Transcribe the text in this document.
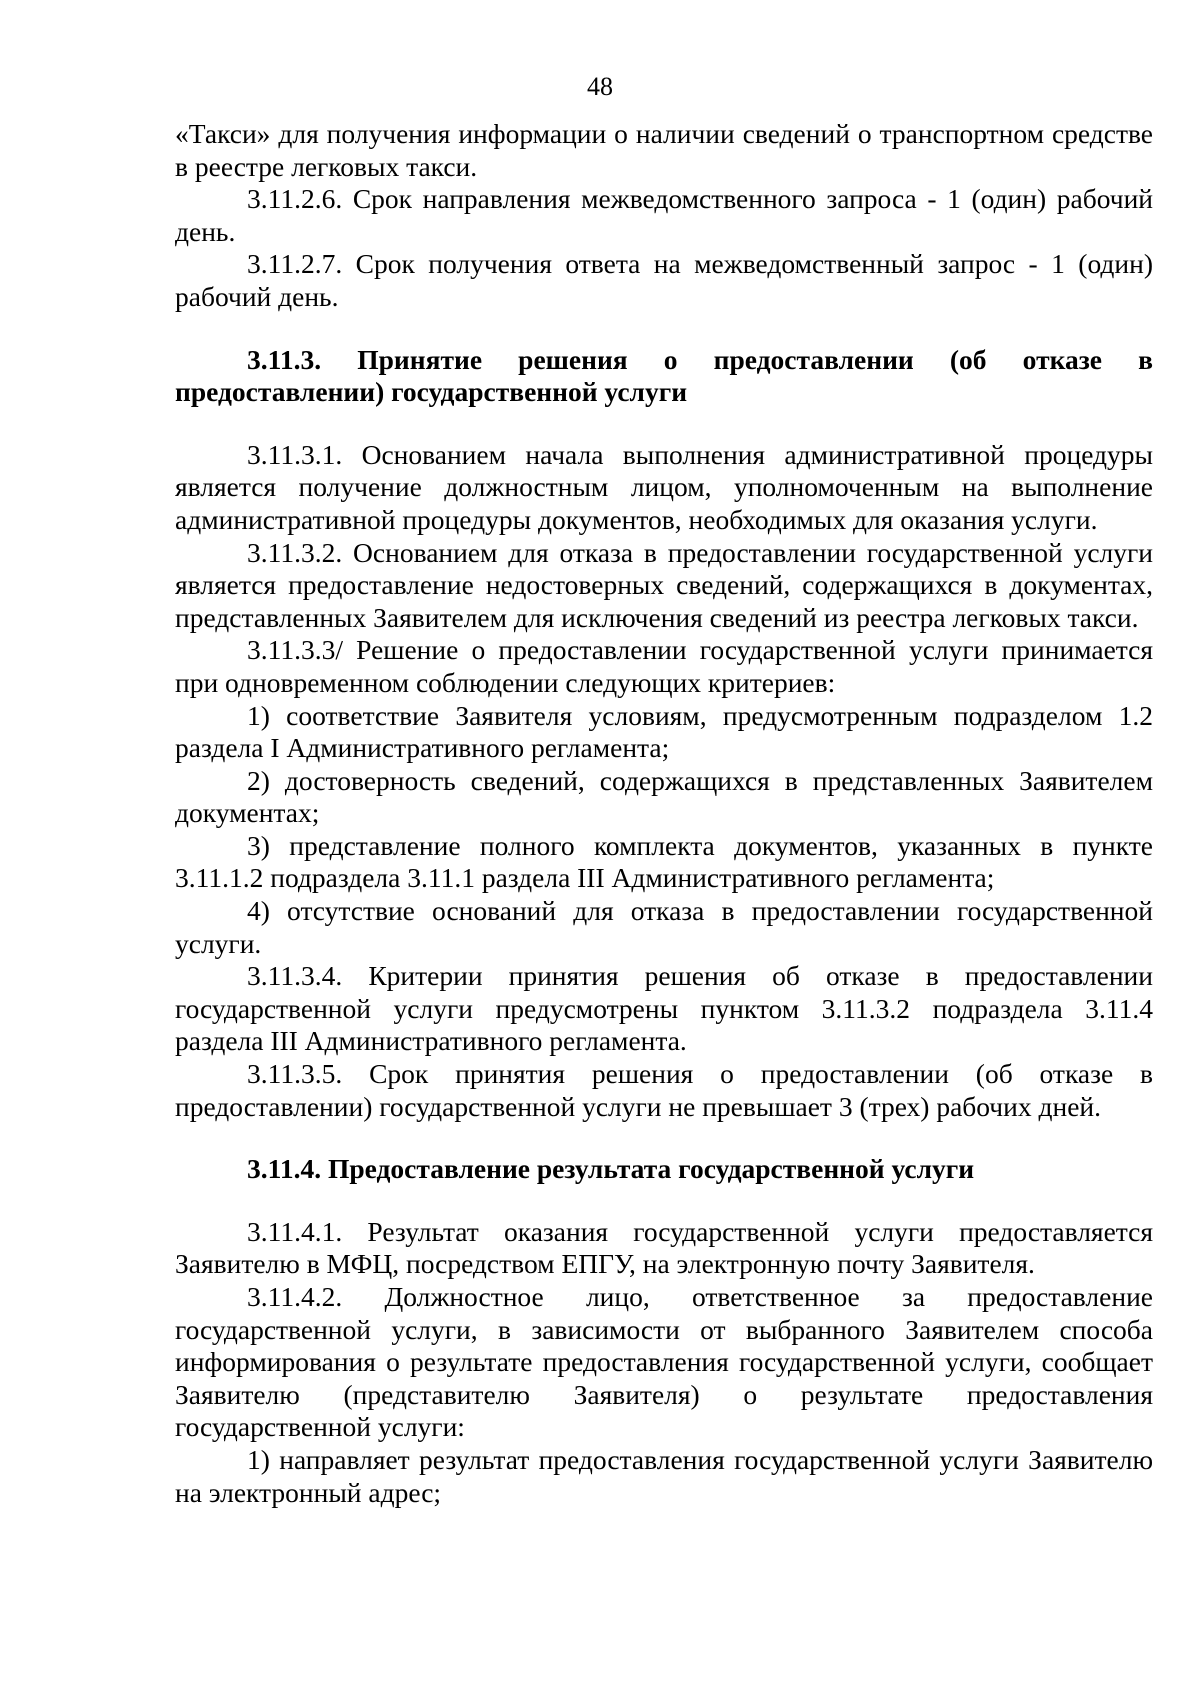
48

«Такси» для получения информации о наличии сведений о транспортном средстве в реестре легковых такси.

3.11.2.6. Срок направления межведомственного запроса - 1 (один) рабочий день.

3.11.2.7. Срок получения ответа на межведомственный запрос - 1 (один) рабочий день.

3.11.3. Принятие решения о предоставлении (об отказе в предоставлении) государственной услуги

3.11.3.1. Основанием начала выполнения административной процедуры является получение должностным лицом, уполномоченным на выполнение административной процедуры документов, необходимых для оказания услуги.

3.11.3.2. Основанием для отказа в предоставлении государственной услуги является предоставление недостоверных сведений, содержащихся в документах, представленных Заявителем для исключения сведений из реестра легковых такси.

3.11.3.3/ Решение о предоставлении государственной услуги принимается при одновременном соблюдении следующих критериев:

1) соответствие Заявителя условиям, предусмотренным подразделом 1.2 раздела I Административного регламента;

2) достоверность сведений, содержащихся в представленных Заявителем документах;

3) представление полного комплекта документов, указанных в пункте 3.11.1.2 подраздела 3.11.1 раздела III Административного регламента;

4) отсутствие оснований для отказа в предоставлении государственной услуги.

3.11.3.4. Критерии принятия решения об отказе в предоставлении государственной услуги предусмотрены пунктом 3.11.3.2 подраздела 3.11.4 раздела III Административного регламента.

3.11.3.5. Срок принятия решения о предоставлении (об отказе в предоставлении) государственной услуги не превышает 3 (трех) рабочих дней.

3.11.4. Предоставление результата государственной услуги

3.11.4.1. Результат оказания государственной услуги предоставляется Заявителю в МФЦ, посредством ЕПГУ, на электронную почту Заявителя.

3.11.4.2. Должностное лицо, ответственное за предоставление государственной услуги, в зависимости от выбранного Заявителем способа информирования о результате предоставления государственной услуги, сообщает Заявителю (представителю Заявителя) о результате предоставления государственной услуги:

1) направляет результат предоставления государственной услуги Заявителю на электронный адрес;
